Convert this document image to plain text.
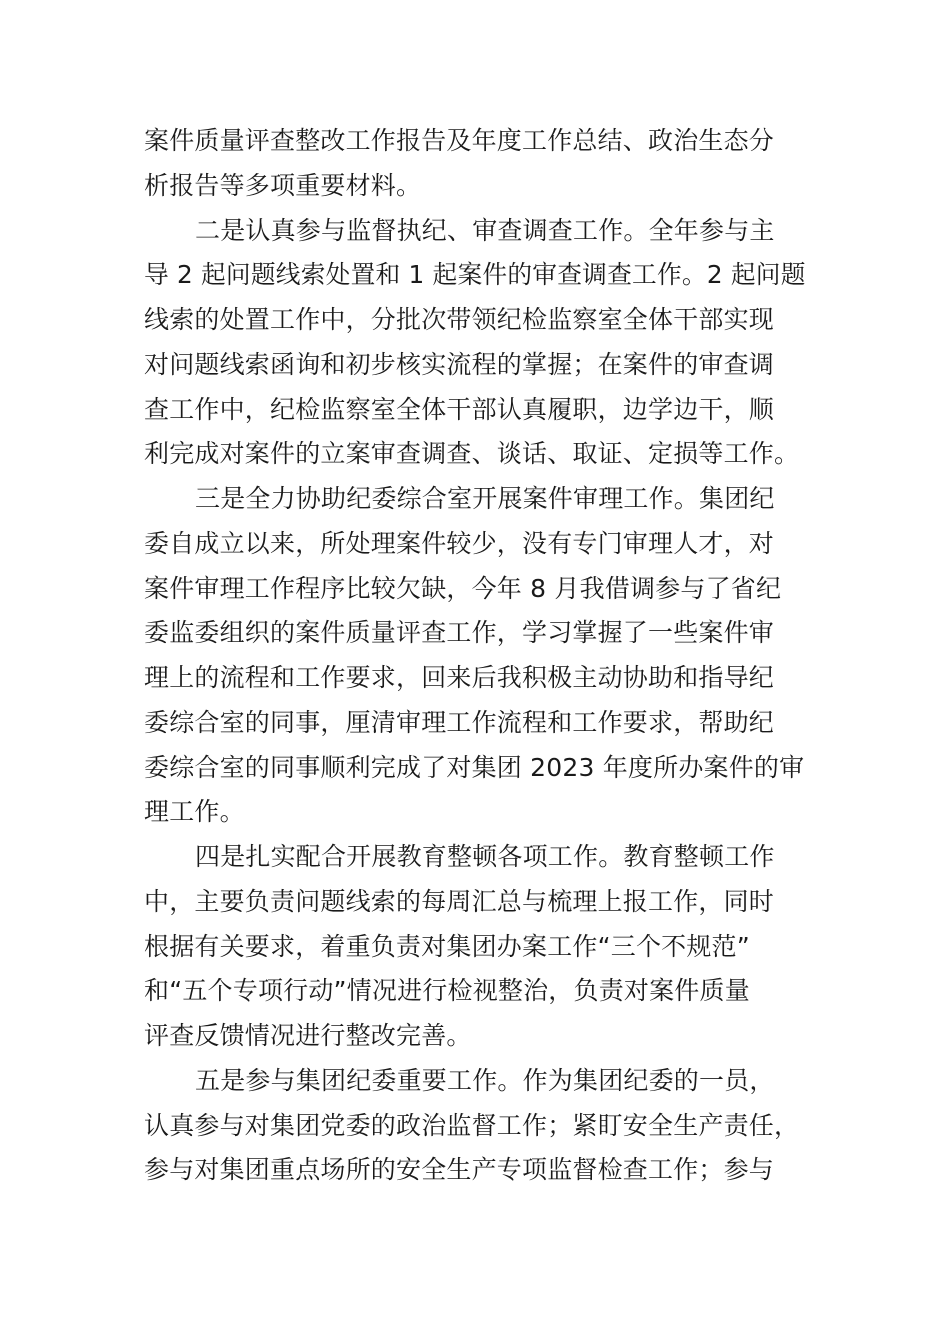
案件质量评查整改工作报告及年度工作总结、政治生态分
析报告等多项重要材料。
二是认真参与监督执纪、审查调查工作。全年参与主
导 2 起问题线索处置和 1 起案件的审查调查工作。2 起问题
线索的处置工作中，分批次带领纪检监察室全体干部实现
对问题线索函询和初步核实流程的掌握；在案件的审查调
查工作中，纪检监察室全体干部认真履职，边学边干，顺
利完成对案件的立案审查调查、谈话、取证、定损等工作。
三是全力协助纪委综合室开展案件审理工作。集团纪
委自成立以来，所处理案件较少，没有专门审理人才，对
案件审理工作程序比较欠缺，今年 8 月我借调参与了省纪
委监委组织的案件质量评查工作，学习掌握了一些案件审
理上的流程和工作要求，回来后我积极主动协助和指导纪
委综合室的同事，厘清审理工作流程和工作要求，帮助纪
委综合室的同事顺利完成了对集团 2023 年度所办案件的审
理工作。
四是扎实配合开展教育整顿各项工作。教育整顿工作
中，主要负责问题线索的每周汇总与梳理上报工作，同时
根据有关要求，着重负责对集团办案工作“三个不规范”
和“五个专项行动”情况进行检视整治，负责对案件质量
评查反馈情况进行整改完善。
五是参与集团纪委重要工作。作为集团纪委的一员，
认真参与对集团党委的政治监督工作；紧盯安全生产责任，
参与对集团重点场所的安全生产专项监督检查工作；参与
